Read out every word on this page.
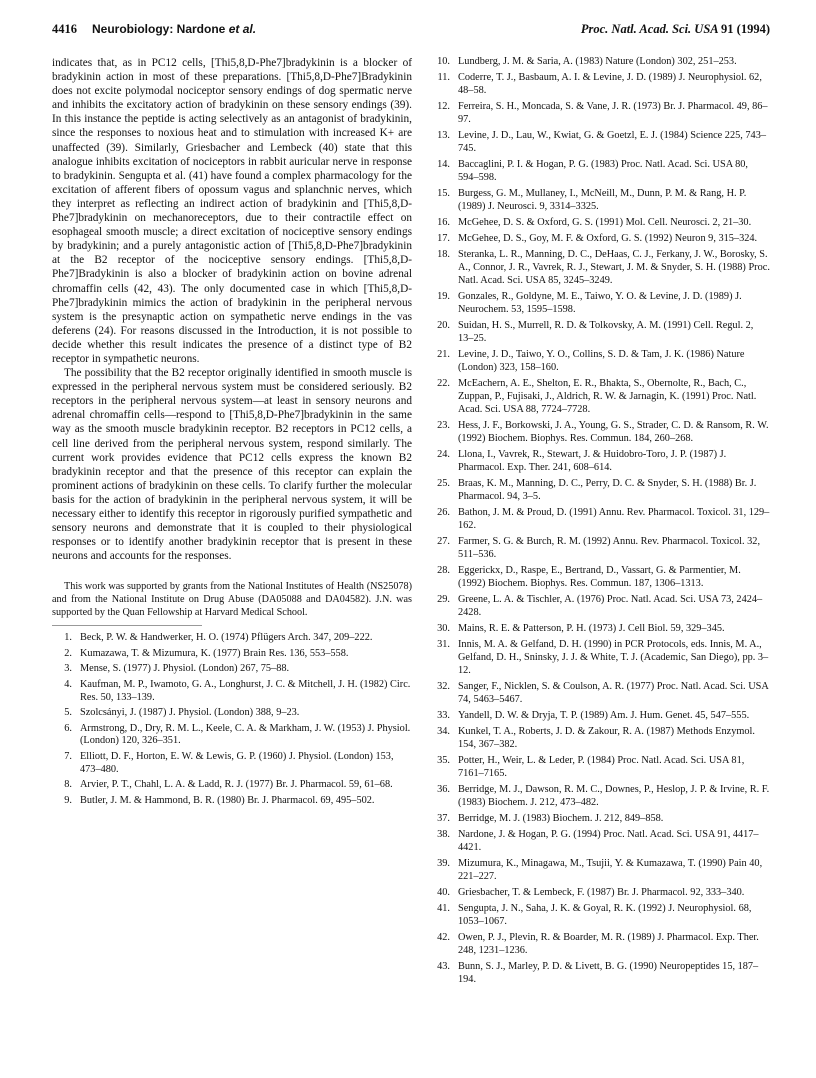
4416 Neurobiology: Nardone et al.	Proc. Natl. Acad. Sci. USA 91 (1994)

indicates that, as in PC12 cells, [Thi5,8,D-Phe7]bradykinin is a blocker of bradykinin action in most of these preparations. [Thi5,8,D-Phe7]Bradykinin does not excite polymodal nociceptor sensory endings of dog spermatic nerve and inhibits the excitatory action of bradykinin on these sensory endings (39). In this instance the peptide is acting selectively as an antagonist of bradykinin, since the responses to noxious heat and to stimulation with increased K+ are unaffected (39). Similarly, Griesbacher and Lembeck (40) state that this analogue inhibits excitation of nociceptors in rabbit auricular nerve in response to bradykinin. Sengupta et al. (41) have found a complex pharmacology for the excitation of afferent fibers of opossum vagus and splanchnic nerves, which they interpret as reflecting an indirect action of bradykinin and [Thi5,8,D-Phe7]bradykinin on mechanoreceptors, due to their contractile effect on esophageal smooth muscle; a direct excitation of nociceptive sensory endings by bradykinin; and a purely antagonistic action of [Thi5,8,D-Phe7]bradykinin at the B2 receptor of the nociceptive sensory endings. [Thi5,8,D-Phe7]Bradykinin is also a blocker of bradykinin action on bovine adrenal chromaffin cells (42, 43). The only documented case in which [Thi5,8,D-Phe7]bradykinin mimics the action of bradykinin in the peripheral nervous system is the presynaptic action on sympathetic nerve endings in the vas deferens (24). For reasons discussed in the Introduction, it is not possible to decide whether this result indicates the presence of a distinct type of B2 receptor in sympathetic neurons.

The possibility that the B2 receptor originally identified in smooth muscle is expressed in the peripheral nervous system must be considered seriously. B2 receptors in the peripheral nervous system—at least in sensory neurons and adrenal chromaffin cells—respond to [Thi5,8,D-Phe7]bradykinin in the same way as the smooth muscle bradykinin receptor. B2 receptors in PC12 cells, a cell line derived from the peripheral nervous system, respond similarly. The current work provides evidence that PC12 cells express the known B2 bradykinin receptor and that the presence of this receptor can explain the prominent actions of bradykinin on these cells. To clarify further the molecular basis for the action of bradykinin in the peripheral nervous system, it will be necessary either to identify this receptor in rigorously purified sympathetic and sensory neurons and demonstrate that it is coupled to their physiological responses or to identify another bradykinin receptor that is present in these neurons and accounts for the responses.

This work was supported by grants from the National Institutes of Health (NS25078) and from the National Institute on Drug Abuse (DA05088 and DA04582). J.N. was supported by the Quan Fellowship at Harvard Medical School.

1. Beck, P. W. & Handwerker, H. O. (1974) Pflügers Arch. 347, 209–222.
2. Kumazawa, T. & Mizumura, K. (1977) Brain Res. 136, 553–558.
3. Mense, S. (1977) J. Physiol. (London) 267, 75–88.
4. Kaufman, M. P., Iwamoto, G. A., Longhurst, J. C. & Mitchell, J. H. (1982) Circ. Res. 50, 133–139.
5. Szolcsányi, J. (1987) J. Physiol. (London) 388, 9–23.
6. Armstrong, D., Dry, R. M. L., Keele, C. A. & Markham, J. W. (1953) J. Physiol. (London) 120, 326–351.
7. Elliott, D. F., Horton, E. W. & Lewis, G. P. (1960) J. Physiol. (London) 153, 473–480.
8. Arvier, P. T., Chahl, L. A. & Ladd, R. J. (1977) Br. J. Pharmacol. 59, 61–68.
9. Butler, J. M. & Hammond, B. R. (1980) Br. J. Pharmacol. 69, 495–502.
10. Lundberg, J. M. & Saria, A. (1983) Nature (London) 302, 251–253.
11. Coderre, T. J., Basbaum, A. I. & Levine, J. D. (1989) J. Neurophysiol. 62, 48–58.
12. Ferreira, S. H., Moncada, S. & Vane, J. R. (1973) Br. J. Pharmacol. 49, 86–97.
13. Levine, J. D., Lau, W., Kwiat, G. & Goetzl, E. J. (1984) Science 225, 743–745.
14. Baccaglini, P. I. & Hogan, P. G. (1983) Proc. Natl. Acad. Sci. USA 80, 594–598.
15. Burgess, G. M., Mullaney, I., McNeill, M., Dunn, P. M. & Rang, H. P. (1989) J. Neurosci. 9, 3314–3325.
16. McGehee, D. S. & Oxford, G. S. (1991) Mol. Cell. Neurosci. 2, 21–30.
17. McGehee, D. S., Goy, M. F. & Oxford, G. S. (1992) Neuron 9, 315–324.
18. Steranka, L. R., Manning, D. C., DeHaas, C. J., Ferkany, J. W., Borosky, S. A., Connor, J. R., Vavrek, R. J., Stewart, J. M. & Snyder, S. H. (1988) Proc. Natl. Acad. Sci. USA 85, 3245–3249.
19. Gonzales, R., Goldyne, M. E., Taiwo, Y. O. & Levine, J. D. (1989) J. Neurochem. 53, 1595–1598.
20. Suidan, H. S., Murrell, R. D. & Tolkovsky, A. M. (1991) Cell. Regul. 2, 13–25.
21. Levine, J. D., Taiwo, Y. O., Collins, S. D. & Tam, J. K. (1986) Nature (London) 323, 158–160.
22. McEachern, A. E., Shelton, E. R., Bhakta, S., Obernolte, R., Bach, C., Zuppan, P., Fujisaki, J., Aldrich, R. W. & Jarnagin, K. (1991) Proc. Natl. Acad. Sci. USA 88, 7724–7728.
23. Hess, J. F., Borkowski, J. A., Young, G. S., Strader, C. D. & Ransom, R. W. (1992) Biochem. Biophys. Res. Commun. 184, 260–268.
24. Llona, I., Vavrek, R., Stewart, J. & Huidobro-Toro, J. P. (1987) J. Pharmacol. Exp. Ther. 241, 608–614.
25. Braas, K. M., Manning, D. C., Perry, D. C. & Snyder, S. H. (1988) Br. J. Pharmacol. 94, 3–5.
26. Bathon, J. M. & Proud, D. (1991) Annu. Rev. Pharmacol. Toxicol. 31, 129–162.
27. Farmer, S. G. & Burch, R. M. (1992) Annu. Rev. Pharmacol. Toxicol. 32, 511–536.
28. Eggerickx, D., Raspe, E., Bertrand, D., Vassart, G. & Parmentier, M. (1992) Biochem. Biophys. Res. Commun. 187, 1306–1313.
29. Greene, L. A. & Tischler, A. (1976) Proc. Natl. Acad. Sci. USA 73, 2424–2428.
30. Mains, R. E. & Patterson, P. H. (1973) J. Cell Biol. 59, 329–345.
31. Innis, M. A. & Gelfand, D. H. (1990) in PCR Protocols, eds. Innis, M. A., Gelfand, D. H., Sninsky, J. J. & White, T. J. (Academic, San Diego), pp. 3–12.
32. Sanger, F., Nicklen, S. & Coulson, A. R. (1977) Proc. Natl. Acad. Sci. USA 74, 5463–5467.
33. Yandell, D. W. & Dryja, T. P. (1989) Am. J. Hum. Genet. 45, 547–555.
34. Kunkel, T. A., Roberts, J. D. & Zakour, R. A. (1987) Methods Enzymol. 154, 367–382.
35. Potter, H., Weir, L. & Leder, P. (1984) Proc. Natl. Acad. Sci. USA 81, 7161–7165.
36. Berridge, M. J., Dawson, R. M. C., Downes, P., Heslop, J. P. & Irvine, R. F. (1983) Biochem. J. 212, 473–482.
37. Berridge, M. J. (1983) Biochem. J. 212, 849–858.
38. Nardone, J. & Hogan, P. G. (1994) Proc. Natl. Acad. Sci. USA 91, 4417–4421.
39. Mizumura, K., Minagawa, M., Tsujii, Y. & Kumazawa, T. (1990) Pain 40, 221–227.
40. Griesbacher, T. & Lembeck, F. (1987) Br. J. Pharmacol. 92, 333–340.
41. Sengupta, J. N., Saha, J. K. & Goyal, R. K. (1992) J. Neurophysiol. 68, 1053–1067.
42. Owen, P. J., Plevin, R. & Boarder, M. R. (1989) J. Pharmacol. Exp. Ther. 248, 1231–1236.
43. Bunn, S. J., Marley, P. D. & Livett, B. G. (1990) Neuropeptides 15, 187–194.
